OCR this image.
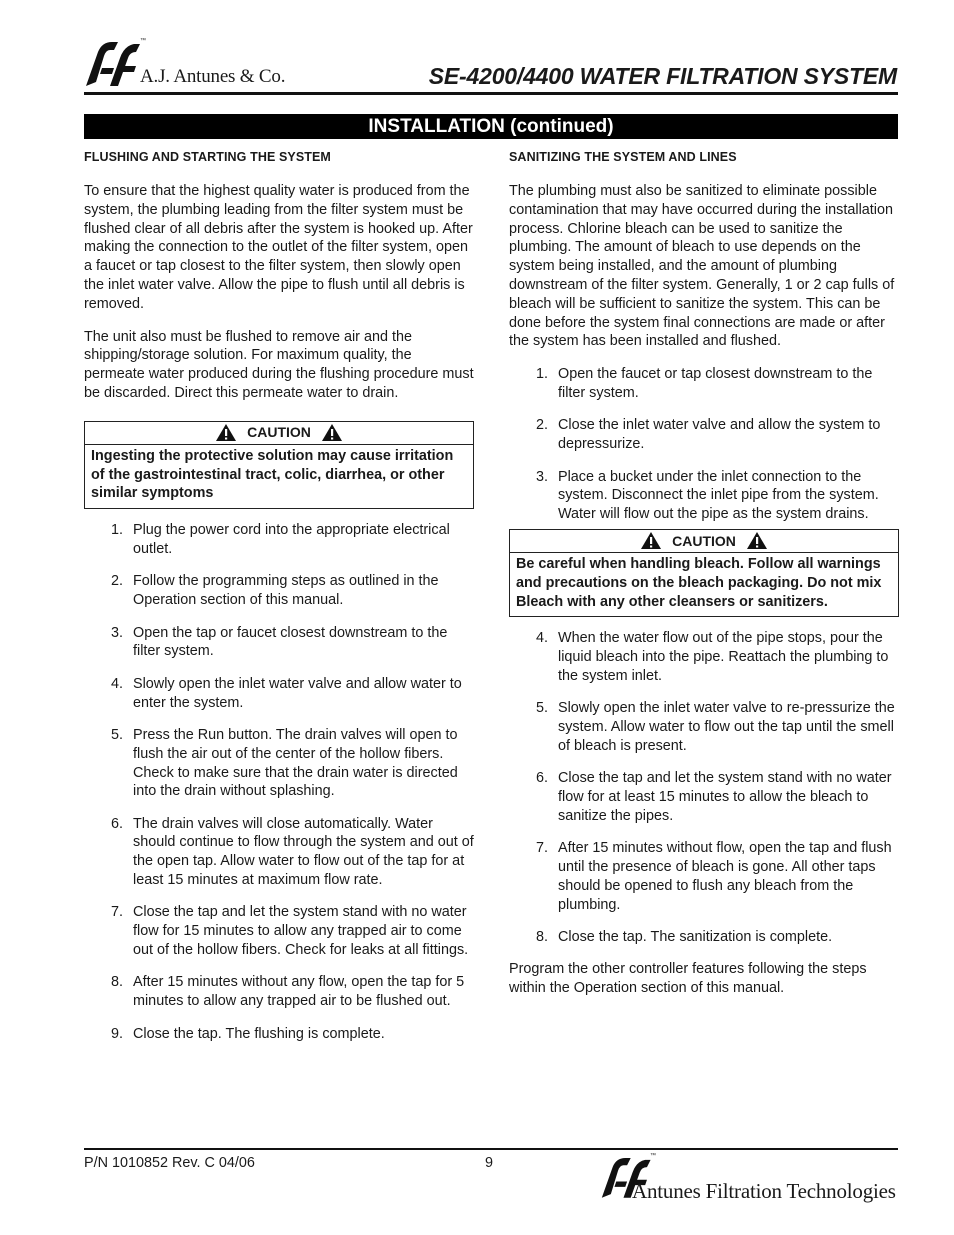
™
A.J. Antunes & Co.	SE-4200/4400 WATER FILTRATION SYSTEM
INSTALLATION (continued)
FLUSHING AND STARTING THE SYSTEM

To ensure that the highest quality water is produced from the system, the plumbing leading from the filter system must be flushed clear of all debris after the system is hooked up. After making the connection to the outlet of the filter system, open a faucet or tap closest to the filter system, then slowly open the inlet water valve. Allow the pipe to flush until all debris is removed.

The unit also must be flushed to remove air and the shipping/storage solution. For maximum quality, the permeate water produced during the flushing procedure must be discarded. Direct this permeate water to drain.

CAUTION
Ingesting the protective solution may cause irritation of the gastrointestinal tract, colic, diarrhea, or other similar symptoms
1. Plug the power cord into the appropriate electrical outlet.
2. Follow the programming steps as outlined in the Operation section of this manual.
3. Open the tap or faucet closest downstream to the filter system.
4. Slowly open the inlet water valve and allow water to enter the system.
5. Press the Run button. The drain valves will open to flush the air out of the center of the hollow fibers. Check to make sure that the drain water is directed into the drain without splashing.
6. The drain valves will close automatically. Water should continue to flow through the system and out of the open tap. Allow water to flow out of the tap for at least 15 minutes at maximum flow rate.
7. Close the tap and let the system stand with no water flow for 15 minutes to allow any trapped air to come out of the hollow fibers. Check for leaks at all fittings.
8. After 15 minutes without any flow, open the tap for 5 minutes to allow any trapped air to be flushed out.
9. Close the tap. The flushing is complete.
SANITIZING THE SYSTEM AND LINES

The plumbing must also be sanitized to eliminate possible contamination that may have occurred during the installation process. Chlorine bleach can be used to sanitize the plumbing. The amount of bleach to use depends on the system being installed, and the amount of plumbing downstream of the filter system. Generally, 1 or 2 cap fulls of bleach will be sufficient to sanitize the system. This can be done before the system final connections are made or after the system has been installed and flushed.

1. Open the faucet or tap closest downstream to the filter system.
2. Close the inlet water valve and allow the system to depressurize.
3. Place a bucket under the inlet connection to the system. Disconnect the inlet pipe from the system. Water will flow out the pipe as the system drains.
CAUTION
Be careful when handling bleach. Follow all warnings and precautions on the bleach packaging. Do not mix Bleach with any other cleansers or sanitizers.
4. When the water flow out of the pipe stops, pour the liquid bleach into the pipe. Reattach the plumbing to the system inlet.
5. Slowly open the inlet water valve to re-pressurize the system. Allow water to flow out the tap until the smell of bleach is present.
6. Close the tap and let the system stand with no water flow for at least 15 minutes to allow the bleach to sanitize the pipes.
7. After 15 minutes without flow, open the tap and flush until the presence of bleach is gone. All other taps should be opened to flush any bleach from the plumbing.
8. Close the tap. The sanitization is complete.

Program the other controller features following the steps within the Operation section of this manual.

P/N 1010852 Rev. C 04/06	9	™
Antunes Filtration Technologies
